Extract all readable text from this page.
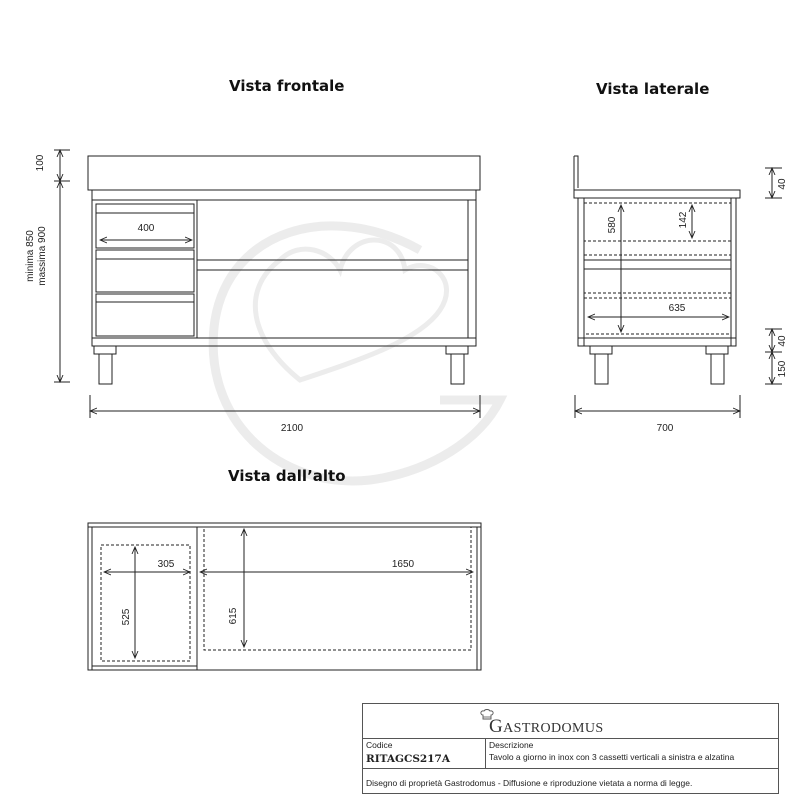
100
minima 850 massima 900	400
2100
580	142
635
40
40
150
700
305	1650
525	615
Vista frontale	Vista laterale
Vista dall’alto
GASTRODOMUS
Codice
RITAGCS217A
Descrizione
Tavolo a giorno in inox con 3 cassetti verticali a sinistra e alzatina
Disegno di proprietà Gastrodomus - Diffusione e riproduzione vietata a norma di legge.
